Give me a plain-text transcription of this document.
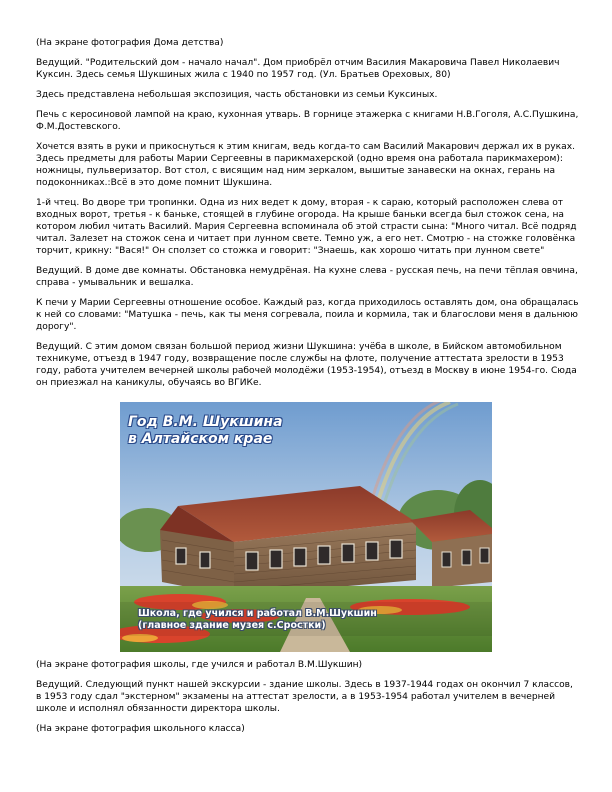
(На экране фотография Дома детства)

Ведущий. "Родительский дом - начало начал". Дом приобрёл отчим Василия Макаровича Павел Николаевич Куксин. Здесь семья Шукшиных жила с 1940 по 1957 год. (Ул. Братьев Ореховых, 80)

Здесь представлена небольшая экспозиция, часть обстановки из семьи Куксиных.

Печь с керосиновой лампой на краю, кухонная утварь. В горнице этажерка с книгами Н.В.Гоголя, А.С.Пушкина, Ф.М.Достевского.

Хочется взять в руки и прикоснуться к этим книгам, ведь когда-то сам Василий Макарович держал их в руках. Здесь предметы для работы Марии Сергеевны в парикмахерской (одно время она работала парикмахером): ножницы, пульверизатор. Вот стол, с висящим над ним зеркалом, вышитые занавески на окнах, герань на подоконниках.:Всё в это доме помнит Шукшина.

1-й чтец. Во дворе три тропинки. Одна из них ведет к дому, вторая - к сараю, который расположен слева от входных ворот, третья - к баньке, стоящей в глубине огорода. На крыше баньки всегда был стожок сена, на котором любил читать Василий. Мария Сергеевна вспоминала об этой страсти сына: "Много читал. Всё подряд читал. Залезет на стожок сена и читает при лунном свете. Темно уж, а его нет. Смотрю - на стожке головёнка торчит, крикну: "Вася!" Он сползет со стожка и говорит: "Знаешь, как хорошо читать при лунном свете"

Ведущий. В доме две комнаты. Обстановка немудрёная. На кухне слева - русская печь, на печи тёплая овчина, справа - умывальник и вешалка.

К печи у Марии Сергеевны отношение особое. Каждый раз, когда приходилось оставлять дом, она обращалась к ней со словами: "Матушка - печь, как ты меня согревала, поила и кормила, так и благослови меня в дальнюю дорогу".

Ведущий. С этим домом связан большой период жизни Шукшина: учёба в школе, в Бийском автомобильном техникуме, отъезд в 1947 году, возвращение после службы на флоте, получение аттестата зрелости в 1953 году, работа учителем вечерней школы рабочей молодёжи (1953-1954), отъезд в Москву в июне 1954-го. Сюда он приезжал на каникулы, обучаясь во ВГИКе.

Год В.М. Шукшина
в Алтайском крае
Школа, где учился и работал В.М.Шукшин
(главное здание музея с.Сростки)

(На экране фотография школы, где учился и работал В.М.Шукшин)

Ведущий. Следующий пункт нашей экскурсии - здание школы. Здесь в 1937-1944 годах он окончил 7 классов, в 1953 году сдал "экстерном" экзамены на аттестат зрелости, а в 1953-1954 работал учителем в вечерней школе и исполнял обязанности директора школы.

(На экране фотография школьного класса)
